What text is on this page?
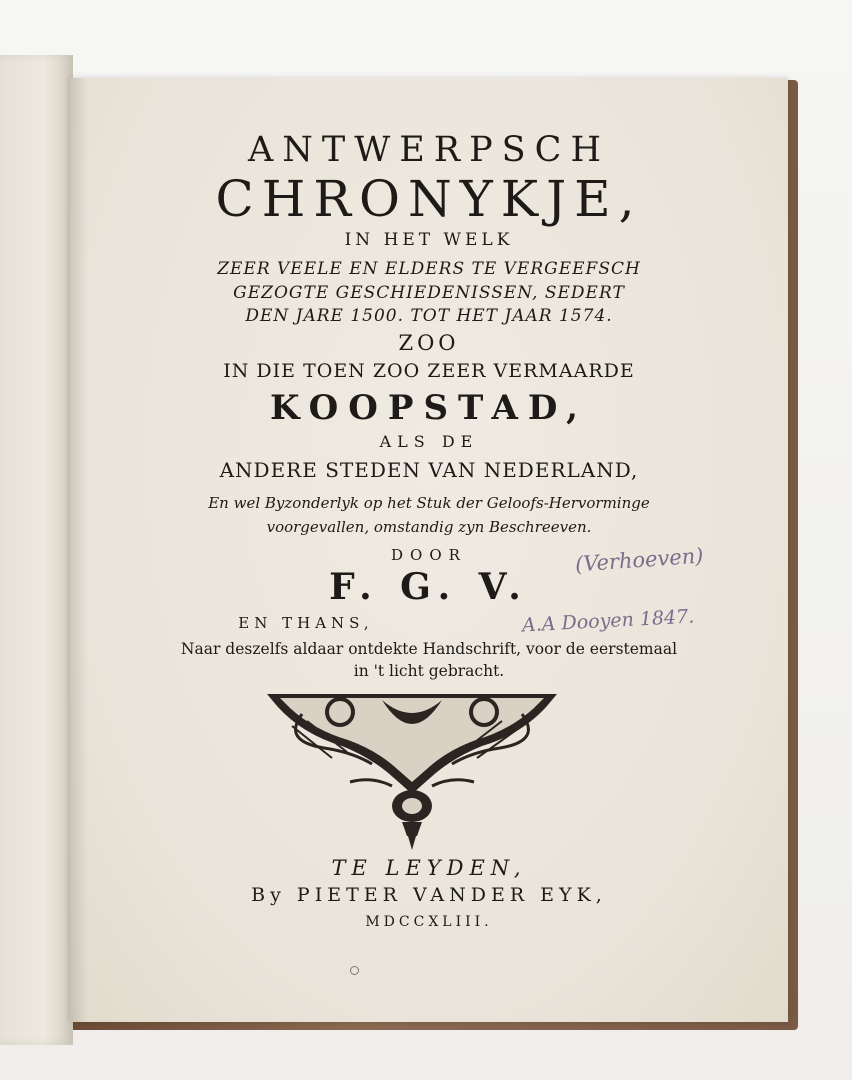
ANTWERPSCH
CHRONYKJE,
IN HET WELK
ZEER VEELE EN ELDERS TE VERGEEFSCH
GEZOGTE GESCHIEDENISSEN, SEDERT
DEN JARE 1500. TOT HET JAAR 1574.
ZOO
IN DIE TOEN ZOO ZEER VERMAARDE
KOOPSTAD,
ALS DE
ANDERE STEDEN VAN NEDERLAND,
En wel Byzonderlyk op het Stuk der Geloofs-Hervorminge
voorgevallen, omstandig zyn Beschreeven.
DOOR
F. G. V.
(Verhoeven)
EN THANS,	A.A Dooyen 1847.
Naar deszelfs aldaar ontdekte Handschrift, voor de eerstemaal
in 't licht gebracht.
TE LEYDEN,
By PIETER VANDER EYK,
MDCCXLIII.
